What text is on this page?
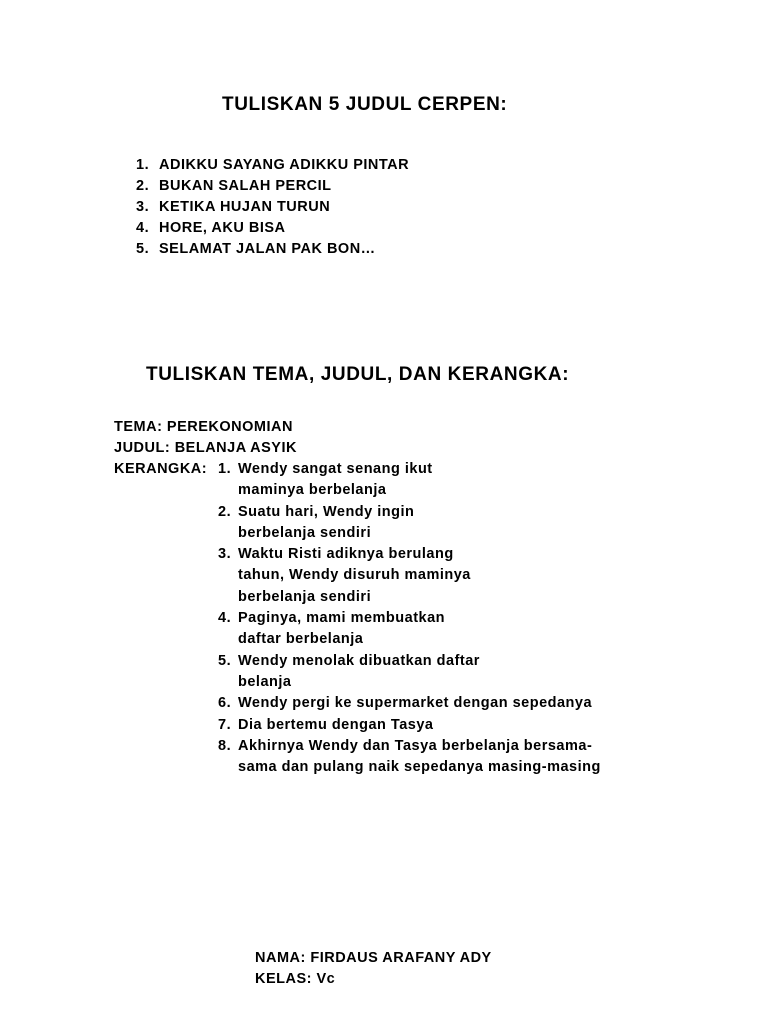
TULISKAN 5 JUDUL CERPEN:
1. ADIKKU SAYANG ADIKKU PINTAR
2. BUKAN SALAH PERCIL
3. KETIKA HUJAN TURUN
4. HORE, AKU BISA
5. SELAMAT JALAN PAK BON…
TULISKAN TEMA, JUDUL, DAN KERANGKA:
TEMA: PEREKONOMIAN
JUDUL: BELANJA ASYIK
KERANGKA: 1. Wendy sangat senang ikut
maminya berbelanja
2. Suatu hari, Wendy ingin
berbelanja sendiri
3. Waktu Risti adiknya berulang
tahun, Wendy disuruh maminya
berbelanja sendiri
4. Paginya, mami membuatkan
daftar berbelanja
5. Wendy menolak dibuatkan daftar
belanja
6. Wendy pergi ke supermarket dengan sepedanya
7. Dia bertemu dengan Tasya
8. Akhirnya Wendy dan Tasya berbelanja bersama-
sama dan pulang naik sepedanya masing-masing
NAMA: FIRDAUS ARAFANY ADY
KELAS: Vc
